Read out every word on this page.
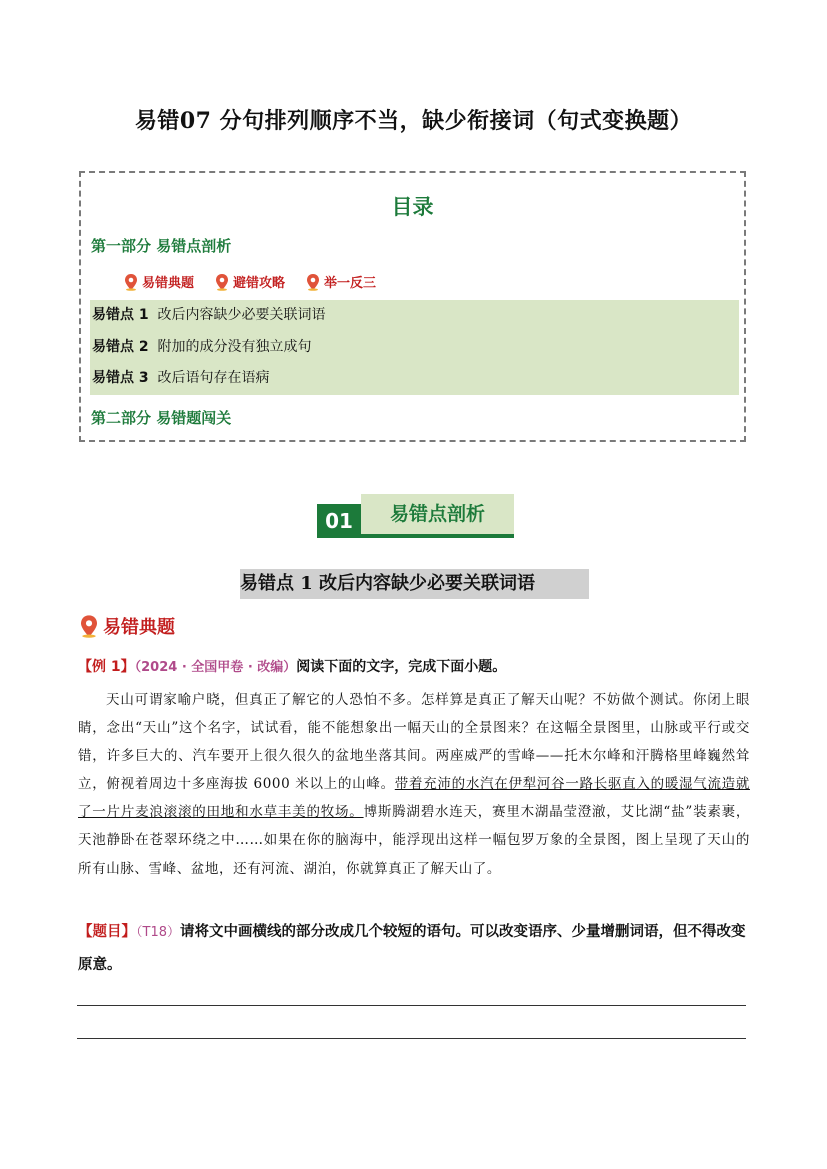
易错07 分句排列顺序不当，缺少衔接词（句式变换题）
目录
第一部分 易错点剖析
易错典题	避错攻略	举一反三
易错点 1 改后内容缺少必要关联词语
易错点 2 附加的成分没有独立成句
易错点 3 改后语句存在语病
第二部分 易错题闯关
01	易错点剖析
易错点 1 改后内容缺少必要关联词语
易错典题
【例 1】（2024 · 全国甲卷 · 改编）阅读下面的文字，完成下面小题。
天山可谓家喻户晓，但真正了解它的人恐怕不多。怎样算是真正了解天山呢？不妨做个测试。你闭上眼睛，念出“天山”这个名字，试试看，能不能想象出一幅天山的全景图来？在这幅全景图里，山脉或平行或交错，许多巨大的、汽车要开上很久很久的盆地坐落其间。两座威严的雪峰——托木尔峰和汗腾格里峰巍然耸立，俯视着周边十多座海拔 6000 米以上的山峰。带着充沛的水汽在伊犁河谷一路长驱直入的暖湿气流造就了一片片麦浪滚滚的田地和水草丰美的牧场。博斯腾湖碧水连天，赛里木湖晶莹澄澈，艾比湖“盐”装素裹，天池静卧在苍翠环绕之中……如果在你的脑海中，能浮现出这样一幅包罗万象的全景图，图上呈现了天山的所有山脉、雪峰、盆地，还有河流、湖泊，你就算真正了解天山了。
【题目】（T18）请将文中画横线的部分改成几个较短的语句。可以改变语序、少量增删词语，但不得改变原意。
